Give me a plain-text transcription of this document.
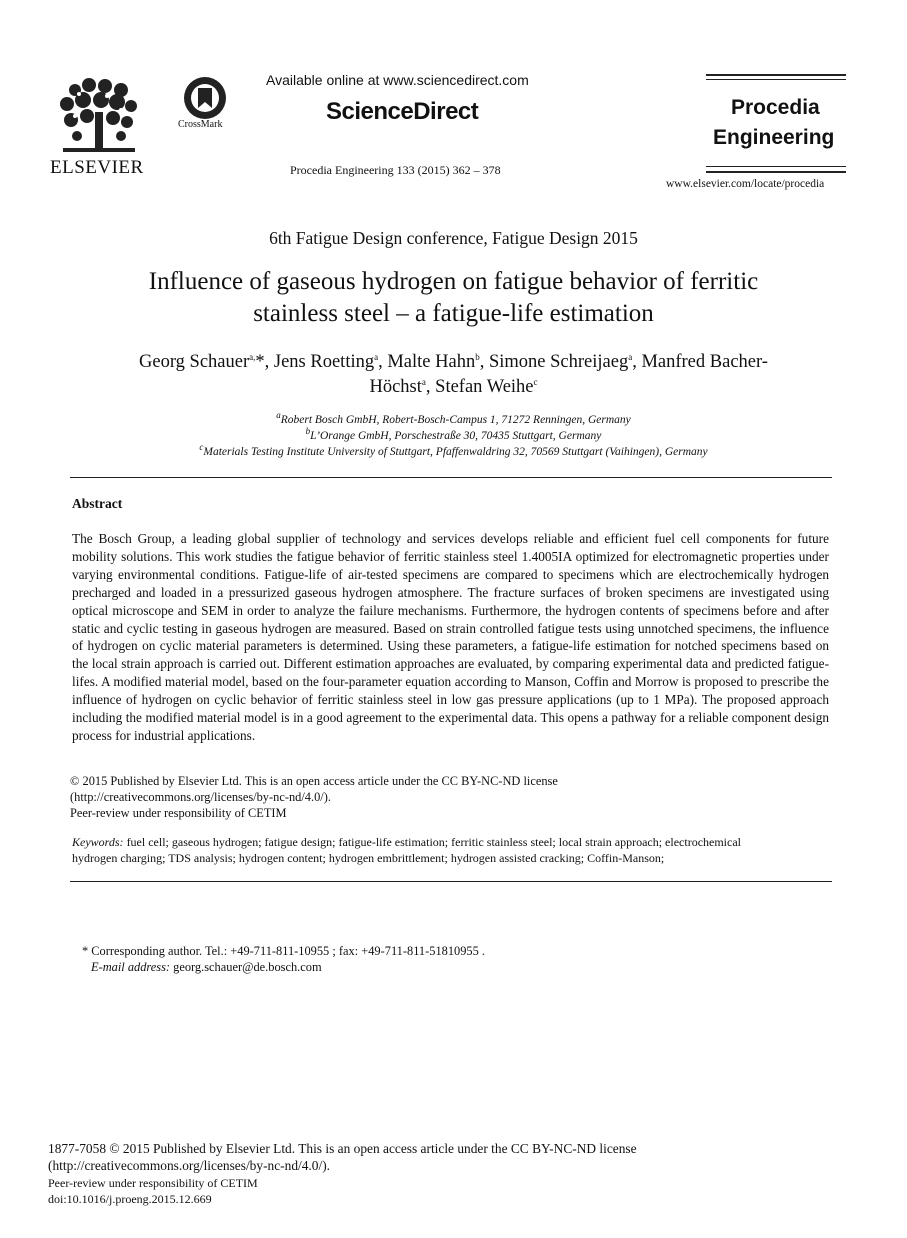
ELSEVIER
CrossMark
Available online at www.sciencedirect.com
ScienceDirect
Procedia Engineering 133 (2015) 362 – 378
Procedia
Engineering
www.elsevier.com/locate/procedia
6th Fatigue Design conference, Fatigue Design 2015
Influence of gaseous hydrogen on fatigue behavior of ferritic
stainless steel – a fatigue-life estimation
Georg Schauer$^{a,}$*, Jens Roetting$^a$, Malte Hahn$^b$, Simone Schreijaeg$^a$, Manfred Bacher-
Höchst$^a$, Stefan Weihe$^c$
$^a$Robert Bosch GmbH, Robert-Bosch-Campus 1, 71272 Renningen, Germany
$^b$L’Orange GmbH, Porschestraße 30, 70435 Stuttgart, Germany
$^c$Materials Testing Institute University of Stuttgart, Pfaffenwaldring 32, 70569 Stuttgart (Vaihingen), Germany
Abstract
The Bosch Group, a leading global supplier of technology and services develops reliable and efficient fuel cell components for future mobility solutions. This work studies the fatigue behavior of ferritic stainless steel 1.4005IA optimized for electromagnetic properties under varying environmental conditions. Fatigue-life of air-tested specimens are compared to specimens which are electrochemically hydrogen precharged and loaded in a pressurized gaseous hydrogen atmosphere. The fracture surfaces of broken specimens are investigated using optical microscope and SEM in order to analyze the failure mechanisms. Furthermore, the hydrogen contents of specimens before and after static and cyclic testing in gaseous hydrogen are measured. Based on strain controlled fatigue tests using unnotched specimens, the influence of hydrogen on cyclic material parameters is determined. Using these parameters, a fatigue-life estimation for notched specimens based on the local strain approach is carried out. Different estimation approaches are evaluated, by comparing experimental data and predicted fatigue-lifes. A modified material model, based on the four-parameter equation according to Manson, Coffin and Morrow is proposed to prescribe the influence of hydrogen on cyclic behavior of ferritic stainless steel in low gas pressure applications (up to 1 MPa). The proposed approach including the modified material model is in a good agreement to the experimental data. This opens a pathway for a reliable component design process for industrial applications.
© 2015 Published by Elsevier Ltd. This is an open access article under the CC BY-NC-ND license
(http://creativecommons.org/licenses/by-nc-nd/4.0/).
Peer-review under responsibility of CETIM
Keywords: fuel cell; gaseous hydrogen; fatigue design; fatigue-life estimation; ferritic stainless steel; local strain approach; electrochemical
hydrogen charging; TDS analysis; hydrogen content; hydrogen embrittlement; hydrogen assisted cracking; Coffin-Manson;
* Corresponding author. Tel.: +49-711-811-10955 ; fax: +49-711-811-51810955 .
E-mail address: georg.schauer@de.bosch.com
1877-7058 © 2015 Published by Elsevier Ltd. This is an open access article under the CC BY-NC-ND license
(http://creativecommons.org/licenses/by-nc-nd/4.0/).
Peer-review under responsibility of CETIM
doi:10.1016/j.proeng.2015.12.669
